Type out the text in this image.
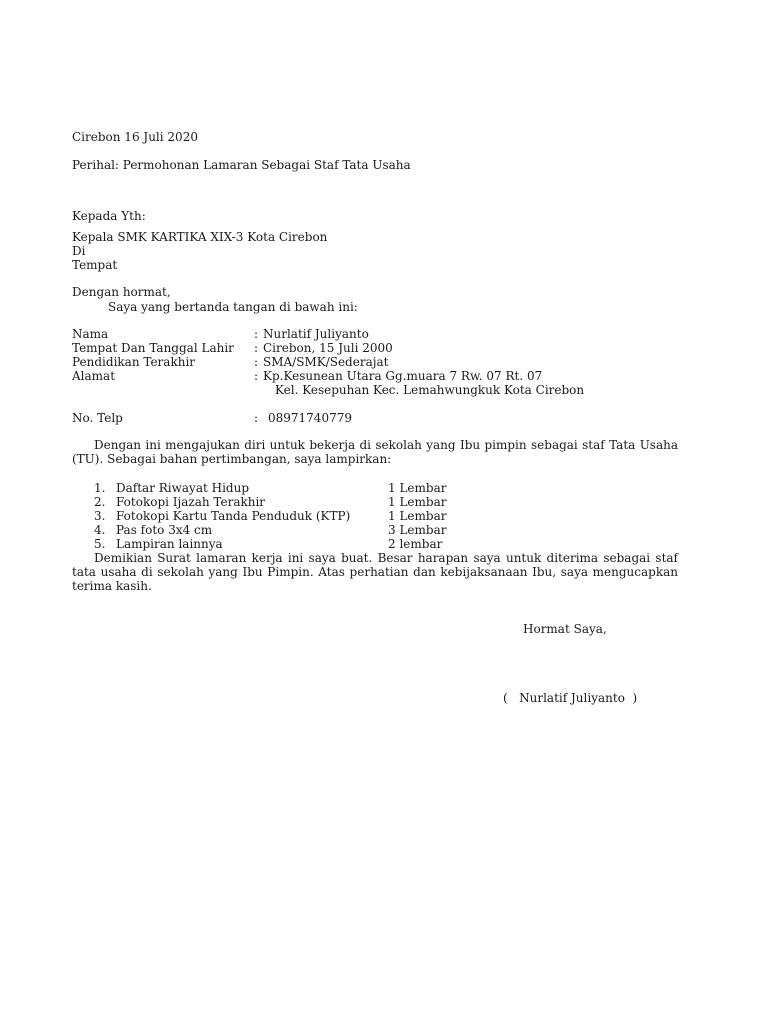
Cirebon 16 Juli 2020
Perihal: Permohonan Lamaran Sebagai Staf Tata Usaha
Kepada Yth:
Kepala SMK KARTIKA XIX-3 Kota Cirebon
Di
Tempat
Dengan hormat,
Saya yang bertanda tangan di bawah ini:
Nama	: Nurlatif Juliyanto
Tempat Dan Tanggal Lahir : Cirebon, 15 Juli 2000
Pendidikan Terakhir	: SMA/SMK/Sederajat
Alamat	: Kp.Kesunean Utara Gg.muara 7 Rw. 07 Rt. 07
Kel. Kesepuhan Kec. Lemahwungkuk Kota Cirebon
No. Telp	: 08971740779
Dengan ini mengajukan diri untuk bekerja di sekolah yang Ibu pimpin sebagai staf Tata Usaha (TU). Sebagai bahan pertimbangan, saya lampirkan:
1. Daftar Riwayat Hidup	1 Lembar
2. Fotokopi Ijazah Terakhir	1 Lembar
3. Fotokopi Kartu Tanda Penduduk (KTP)	1 Lembar
4. Pas foto 3x4 cm	3 Lembar
5. Lampiran lainnya	2 lembar
Demikian Surat lamaran kerja ini saya buat. Besar harapan saya untuk diterima sebagai staf tata usaha di sekolah yang Ibu Pimpin. Atas perhatian dan kebijaksanaan Ibu, saya mengucapkan terima kasih.
Hormat Saya,
(   Nurlatif Juliyanto  )
